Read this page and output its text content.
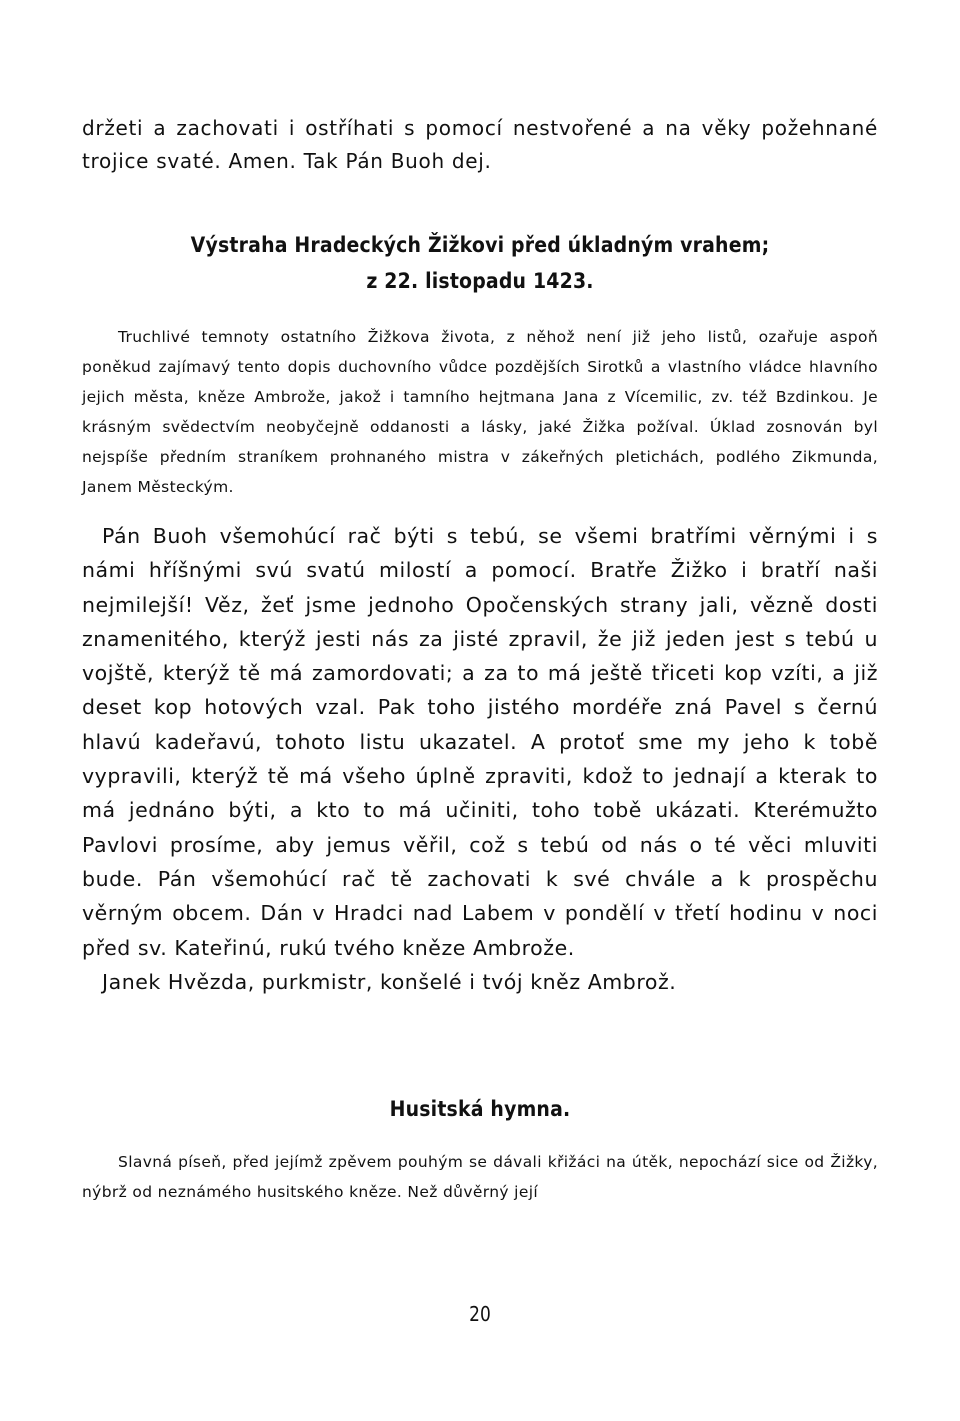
držeti a zachovati i ostříhati s pomocí nestvořené a na věky požehnané trojice svaté. Amen. Tak Pán Buoh dej.

Výstraha Hradeckých Žižkovi před úkladným vrahem;
z 22. listopadu 1423.

Truchlivé temnoty ostatního Žižkova života, z něhož není již jeho listů, ozařuje aspoň poněkud zajímavý tento dopis duchovního vůdce pozdějších Sirotků a vlastního vládce hlavního jejich města, kněze Ambrože, jakož i tamního hejtmana Jana z Vícemilic, zv. též Bzdinkou. Je krásným svědectvím neobyčejně oddanosti a lásky, jaké Žižka požíval. Úklad zosnován byl nejspíše předním straníkem prohnaného mistra v zákeřných pletichách, podlého Zikmunda, Janem Městeckým.

Pán Buoh všemohúcí rač býti s tebú, se všemi bratřími věrnými i s námi hříšnými svú svatú milostí a pomocí. Bratře Žižko i bratří naši nejmilejší! Věz, žeť jsme jednoho Opočenských strany jali, vězně dosti znamenitého, kterýž jesti nás za jisté zpravil, že již jeden jest s tebú u vojště, kterýž tě má zamordovati; a za to má ještě třiceti kop vzíti, a již deset kop hotových vzal. Pak toho jistého mordéře zná Pavel s černú hlavú kadeřavú, tohoto listu ukazatel. A protoť sme my jeho k tobě vypravili, kterýž tě má všeho úplně zpraviti, kdož to jednají a kterak to má jednáno býti, a kto to má učiniti, toho tobě ukázati. Kterémužto Pavlovi prosíme, aby jemus věřil, což s tebú od nás o té věci mluviti bude. Pán všemohúcí rač tě zachovati k své chvále a k prospěchu věrným obcem. Dán v Hradci nad Labem v pondělí v třetí hodinu v noci před sv. Kateřinú, rukú tvého kněze Ambrože.

Janek Hvězda, purkmistr, konšelé i tvój kněz Ambrož.

Husitská hymna.

Slavná píseň, před jejímž zpěvem pouhým se dávali křižáci na útěk, nepochází sice od Žižky, nýbrž od neznámého husitského kněze. Než důvěrný její

20
